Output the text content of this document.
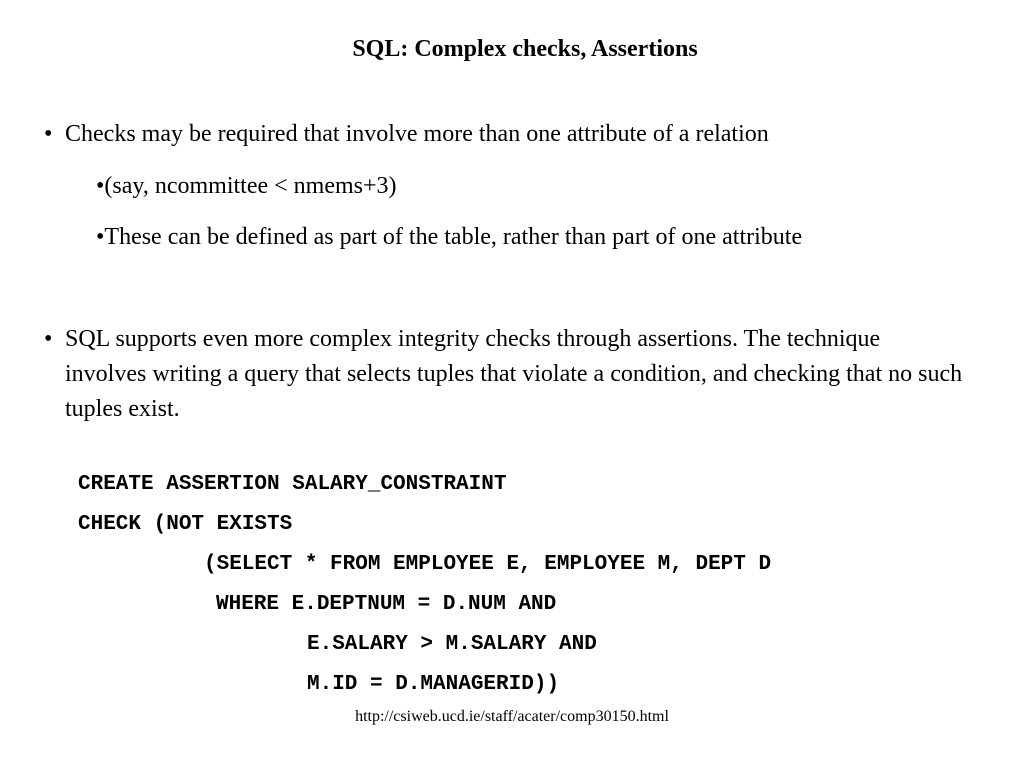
SQL: Complex checks, Assertions
• Checks may be required that involve more than one attribute of a relation
•(say, ncommittee < nmems+3)
•These can be defined as part of the table, rather than part of one attribute
• SQL supports even more complex integrity checks through assertions. The technique involves writing a query that selects tuples that violate a condition, and checking that no such tuples exist.
CREATE ASSERTION SALARY_CONSTRAINT
CHECK (NOT EXISTS
(SELECT * FROM EMPLOYEE E, EMPLOYEE M, DEPT D
WHERE E.DEPTNUM = D.NUM AND
E.SALARY > M.SALARY AND
M.ID = D.MANAGERID))
http://csiweb.ucd.ie/staff/acater/comp30150.html
